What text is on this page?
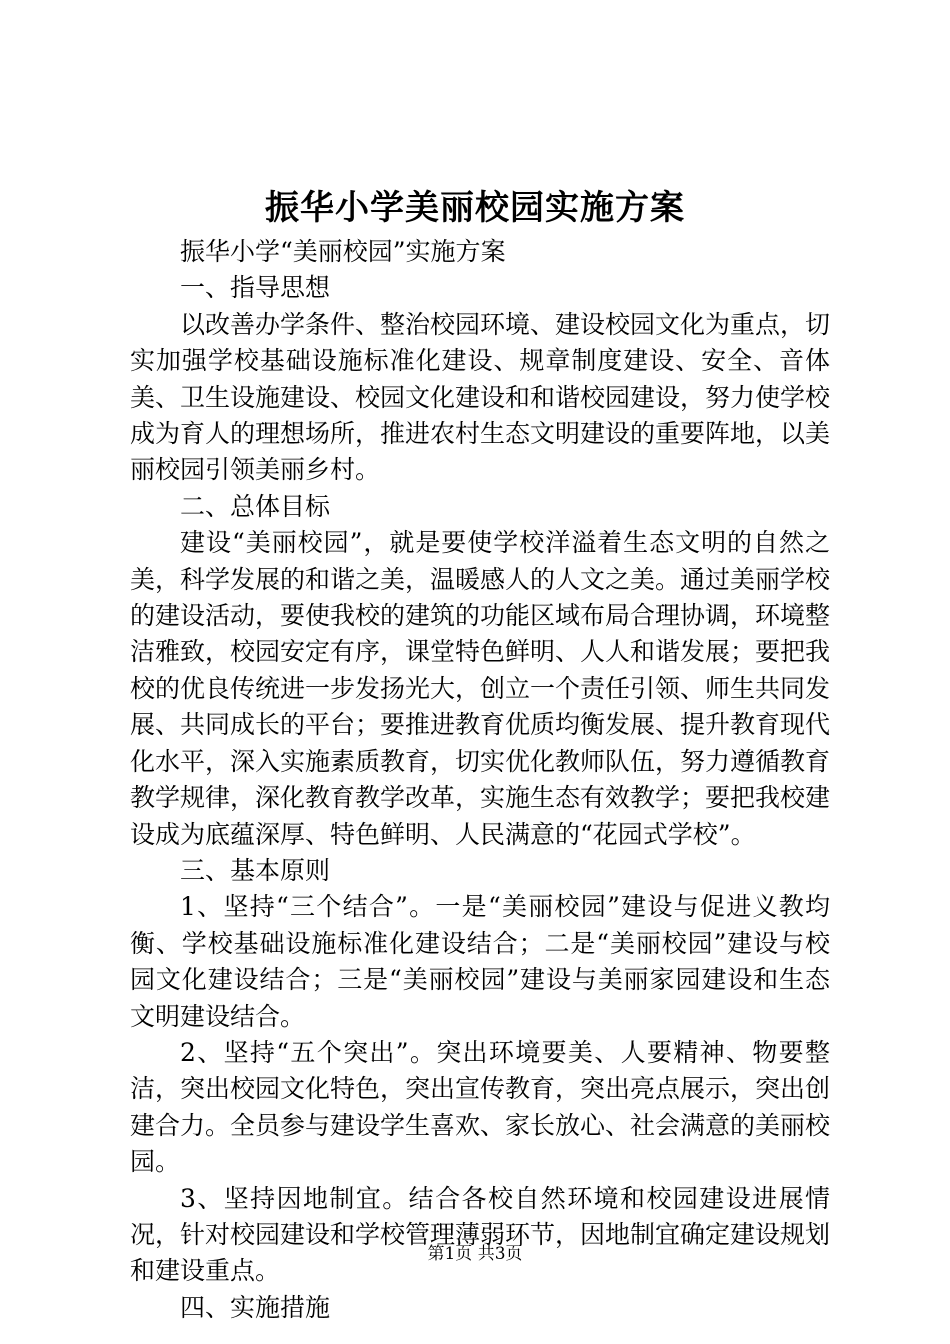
振华小学美丽校园实施方案

振华小学“美丽校园”实施方案

一、指导思想

以改善办学条件、整治校园环境、建设校园文化为重点，切实加强学校基础设施标准化建设、规章制度建设、安全、音体美、卫生设施建设、校园文化建设和和谐校园建设，努力使学校成为育人的理想场所，推进农村生态文明建设的重要阵地，以美丽校园引领美丽乡村。

二、总体目标

建设“美丽校园”，就是要使学校洋溢着生态文明的自然之美，科学发展的和谐之美，温暖感人的人文之美。通过美丽学校的建设活动，要使我校的建筑的功能区域布局合理协调，环境整洁雅致，校园安定有序，课堂特色鲜明、人人和谐发展；要把我校的优良传统进一步发扬光大，创立一个责任引领、师生共同发展、共同成长的平台；要推进教育优质均衡发展、提升教育现代化水平，深入实施素质教育，切实优化教师队伍，努力遵循教育教学规律，深化教育教学改革，实施生态有效教学；要把我校建设成为底蕴深厚、特色鲜明、人民满意的“花园式学校”。

三、基本原则

1、坚持“三个结合”。一是“美丽校园”建设与促进义教均衡、学校基础设施标准化建设结合；二是“美丽校园”建设与校园文化建设结合；三是“美丽校园”建设与美丽家园建设和生态文明建设结合。

2、坚持“五个突出”。突出环境要美、人要精神、物要整洁，突出校园文化特色，突出宣传教育，突出亮点展示，突出创建合力。全员参与建设学生喜欢、家长放心、社会满意的美丽校园。

3、坚持因地制宜。结合各校自然环境和校园建设进展情况，针对校园建设和学校管理薄弱环节，因地制宜确定建设规划和建设重点。

四、实施措施

第1页 共3页
